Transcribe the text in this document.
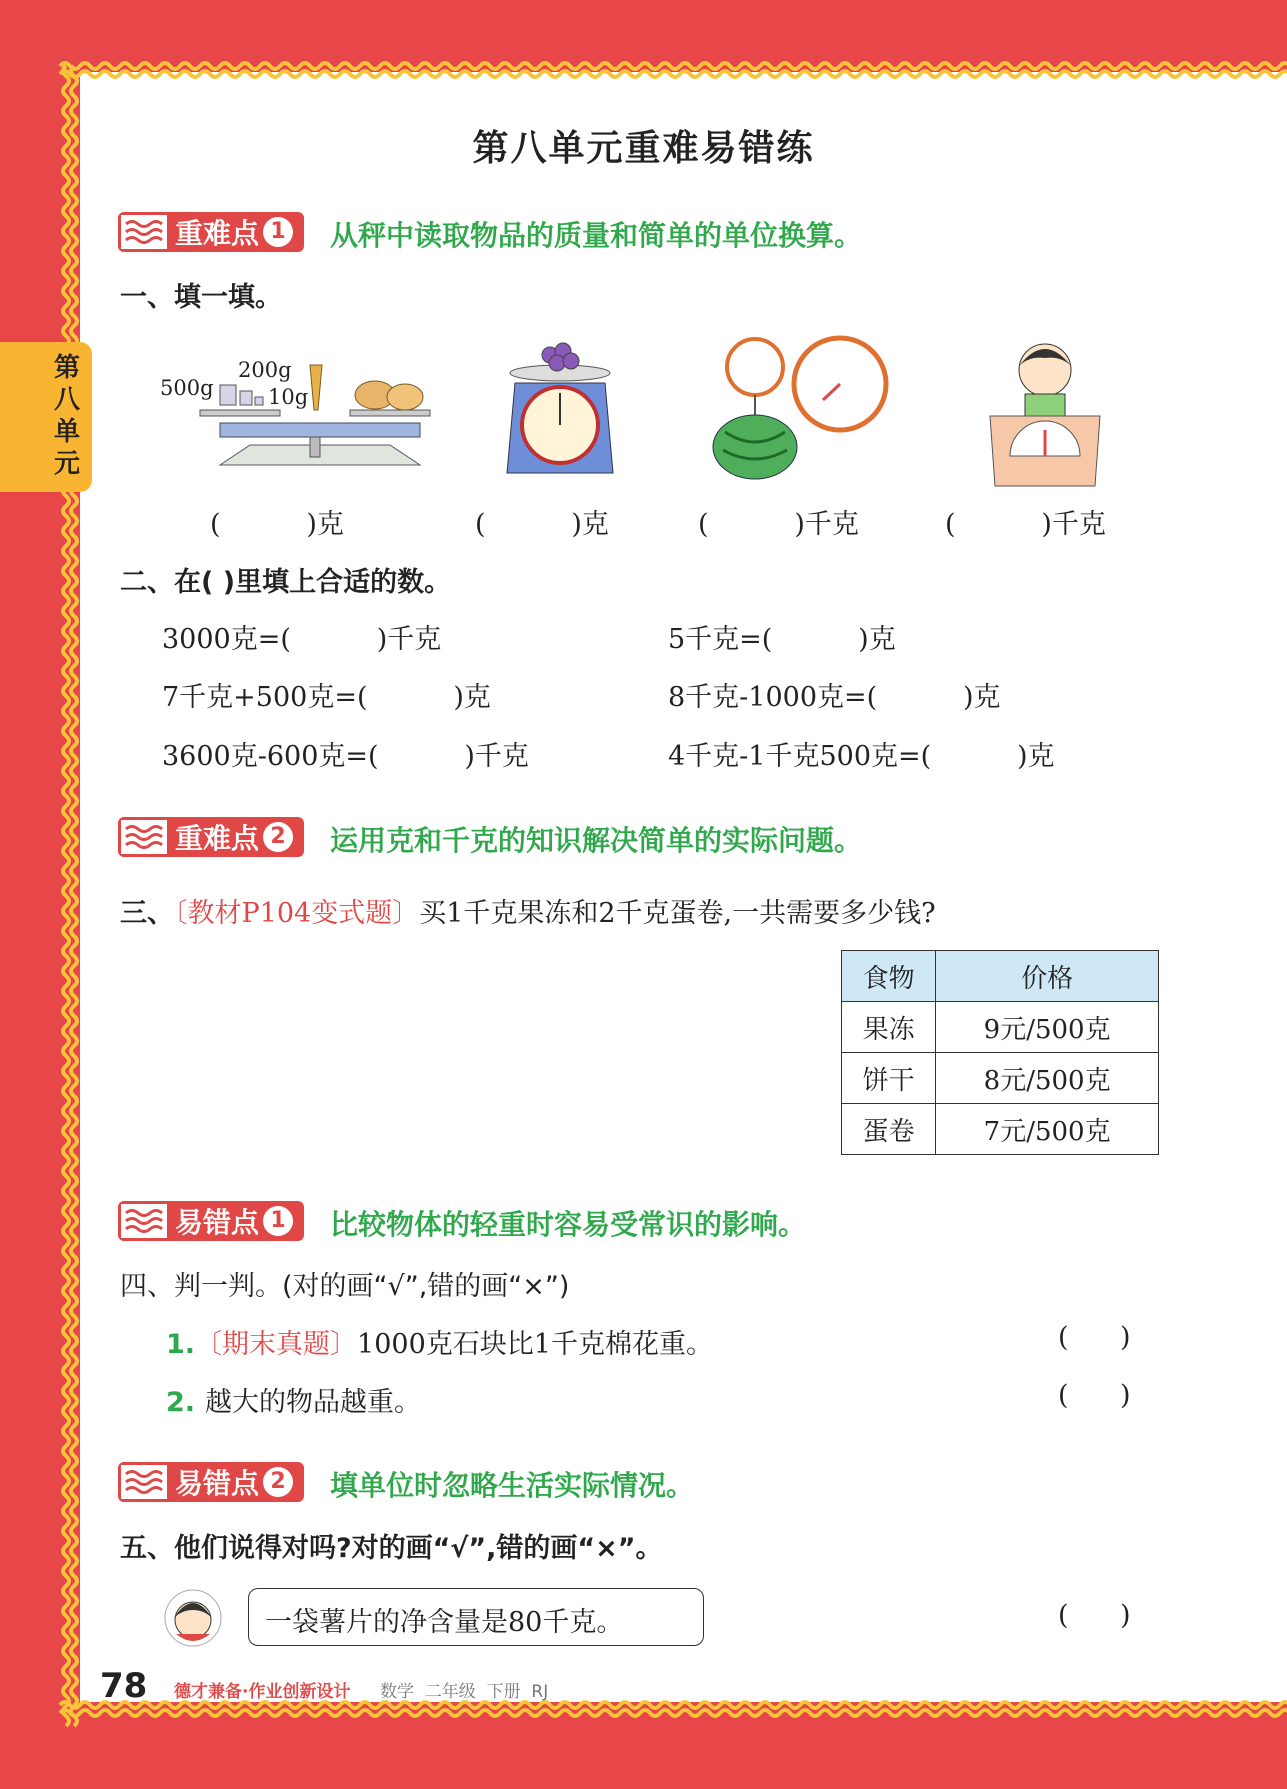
第八单元
第八单元重难易错练
重难点 1 从秤中读取物品的质量和简单的单位换算。
一、填一填。
500g
200g
10g
(          )克	(          )克	(          )千克	(          )千克
二、在( )里填上合适的数。
3000克=(          )千克	5千克=(          )克
7千克+500克=(          )克	8千克-1000克=(          )克
3600克-600克=(          )千克	4千克-1千克500克=(          )克
重难点 2 运用克和千克的知识解决简单的实际问题。
三、〔教材P104变式题〕买1千克果冻和2千克蛋卷,一共需要多少钱?
食物	价格
果冻	9元/500克
饼干	8元/500克
蛋卷	7元/500克
易错点 1 比较物体的轻重时容易受常识的影响。
四、判一判。(对的画“√”,错的画“×”)
1.〔期末真题〕1000克石块比1千克棉花重。	(      )
2. 越大的物品越重。	(      )
易错点 2 填单位时忽略生活实际情况。
五、他们说得对吗?对的画“√”,错的画“×”。
一袋薯片的净含量是80千克。	(      )
78 德才兼备·作业创新设计 数学  二年级  下册  RJ
